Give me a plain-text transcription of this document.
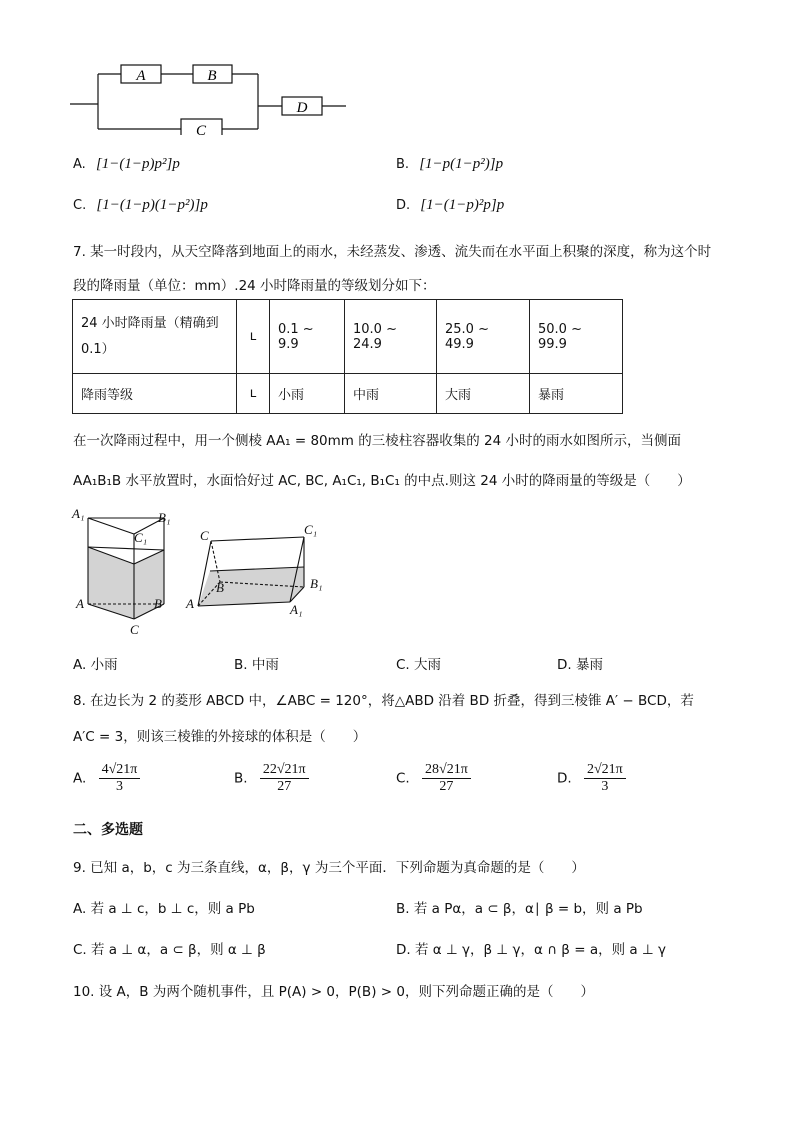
A	B
C
D
A. [1−(1−p)p²]p	B. [1−p(1−p²)]p
C. [1−(1−p)(1−p²)]p	D. [1−(1−p)²p]p
7. 某一时段内，从天空降落到地面上的雨水，未经蒸发、渗透、流失而在水平面上积聚的深度，称为这个时
段的降雨量（单位：mm）.24 小时降雨量的等级划分如下：
24 小时降雨量（精确到
0.1）	ʟ	0.1 ~ 9.9	10.0 ~ 24.9	25.0 ~ 49.9	50.0 ~ 99.9
降雨等级	ʟ	小雨	中雨	大雨	暴雨
在一次降雨过程中，用一个侧棱 AA₁ = 80mm 的三棱柱容器收集的 24 小时的雨水如图所示，当侧面
AA₁B₁B 水平放置时，水面恰好过 AC, BC, A₁C₁, B₁C₁ 的中点.则这 24 小时的降雨量的等级是（　　）
A₁	B₁
C₁
A	B
C
C	C₁
B	B₁
A	A₁
A. 小雨	B. 中雨	C. 大雨	D. 暴雨
8. 在边长为 2 的菱形 ABCD 中，∠ABC = 120°，将△ABD 沿着 BD 折叠，得到三棱锥 A′ − BCD，若
A′C = 3，则该三棱锥的外接球的体积是（　　）
A. $\frac{4√21\pi}{3}$	B. $\frac{22√21\pi}{27}$	C. $\frac{28√21\pi}{27}$	D. $\frac{2√21\pi}{3}$
二、多选题
9. 已知 a，b，c 为三条直线，α，β，γ 为三个平面．下列命题为真命题的是（　　）
A. 若 a ⊥ c，b ⊥ c，则 a Pb	B. 若 a Pα，a ⊂ β，α∣ β = b，则 a Pb
C. 若 a ⊥ α，a ⊂ β，则 α ⊥ β	D. 若 α ⊥ γ，β ⊥ γ，α ∩ β = a，则 a ⊥ γ
10. 设 A，B 为两个随机事件，且 P(A) > 0，P(B) > 0，则下列命题正确的是（　　）
